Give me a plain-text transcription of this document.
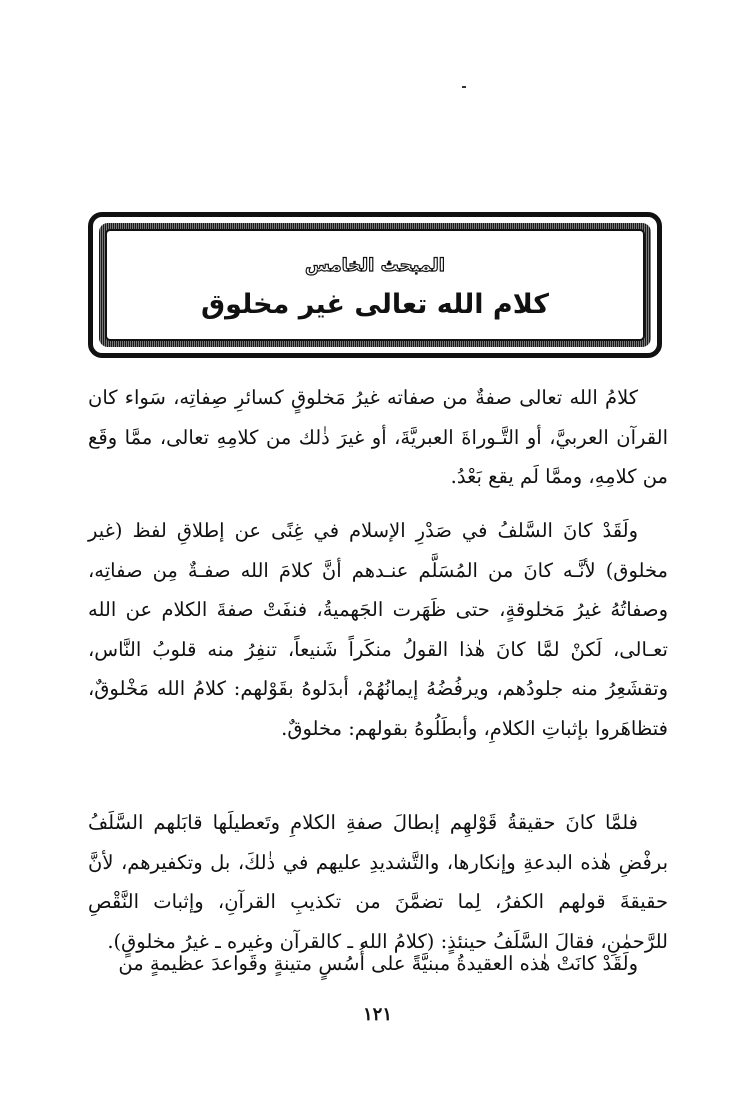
المبحث الخامس
كلام الله تعالى غير مخلوق

كلامُ الله تعالى صفةٌ من صفاته غيرُ مَخلوقٍ كسائرِ صِفاتِه، سَواء كان القرآن العربيَّ، أو التَّـوراةَ العبريَّةَ، أو غيرَ ذٰلك من كلامِهِ تعالى، ممَّا وقَع من كلامِهِ، وممَّا لَم يقع بَعْدُ.

ولَقَدْ كانَ السَّلفُ في صَدْرِ الإسلام في غِنًى عن إطلاقِ لفظ (غير مخلوق) لأنَّـه كانَ من المُسَلَّم عنـدهم أنَّ كلامَ الله صفـةٌ مِن صفاتِه، وصفاتُهُ غيرُ مَخلوقةٍ، حتى ظَهَرت الجَهميةُ، فنفَتْ صفةَ الكلام عن الله تعـالى، لَكنْ لمَّا كانَ هٰذا القولُ منكَراً شَنيعاً، تنفِرُ منه قلوبُ النَّاس، وتقشَعِرُ منه جلودُهم، ويرفُضُهُ إيمانُهُمْ، أبدَلوهُ بقَوْلهم: كلامُ الله مَخْلوقٌ، فتظاهَروا بإثباتِ الكلامِ، وأبطَلُوهُ بقولهم: مخلوقٌ.

فلمَّا كانَ حقيقةُ قَوْلهِم إبطالَ صفةِ الكلامِ وتَعطيلَها قابَلهم السَّلَفُ برفْضِ هٰذه البدعةِ وإنكارها، والتَّشديدِ عليهم في ذٰلكَ، بل وتكفيرهم، لأنَّ حقيقةَ قولهم الكفرُ، لِما تضمَّنَ من تكذيبِ القرآنِ، وإثبات النَّقْصِ للرَّحمٰنِ، فقالَ السَّلَفُ حينئذٍ: (كلامُ الله ـ كالقرآن وغيره ـ غيرُ مخلوقٍ).

ولَقَدْ كانَتْ هٰذه العقيدةُ مبنيَّةً على أُسُسٍ متينةٍ وقَواعدَ عظيمةٍ من

١٢١
